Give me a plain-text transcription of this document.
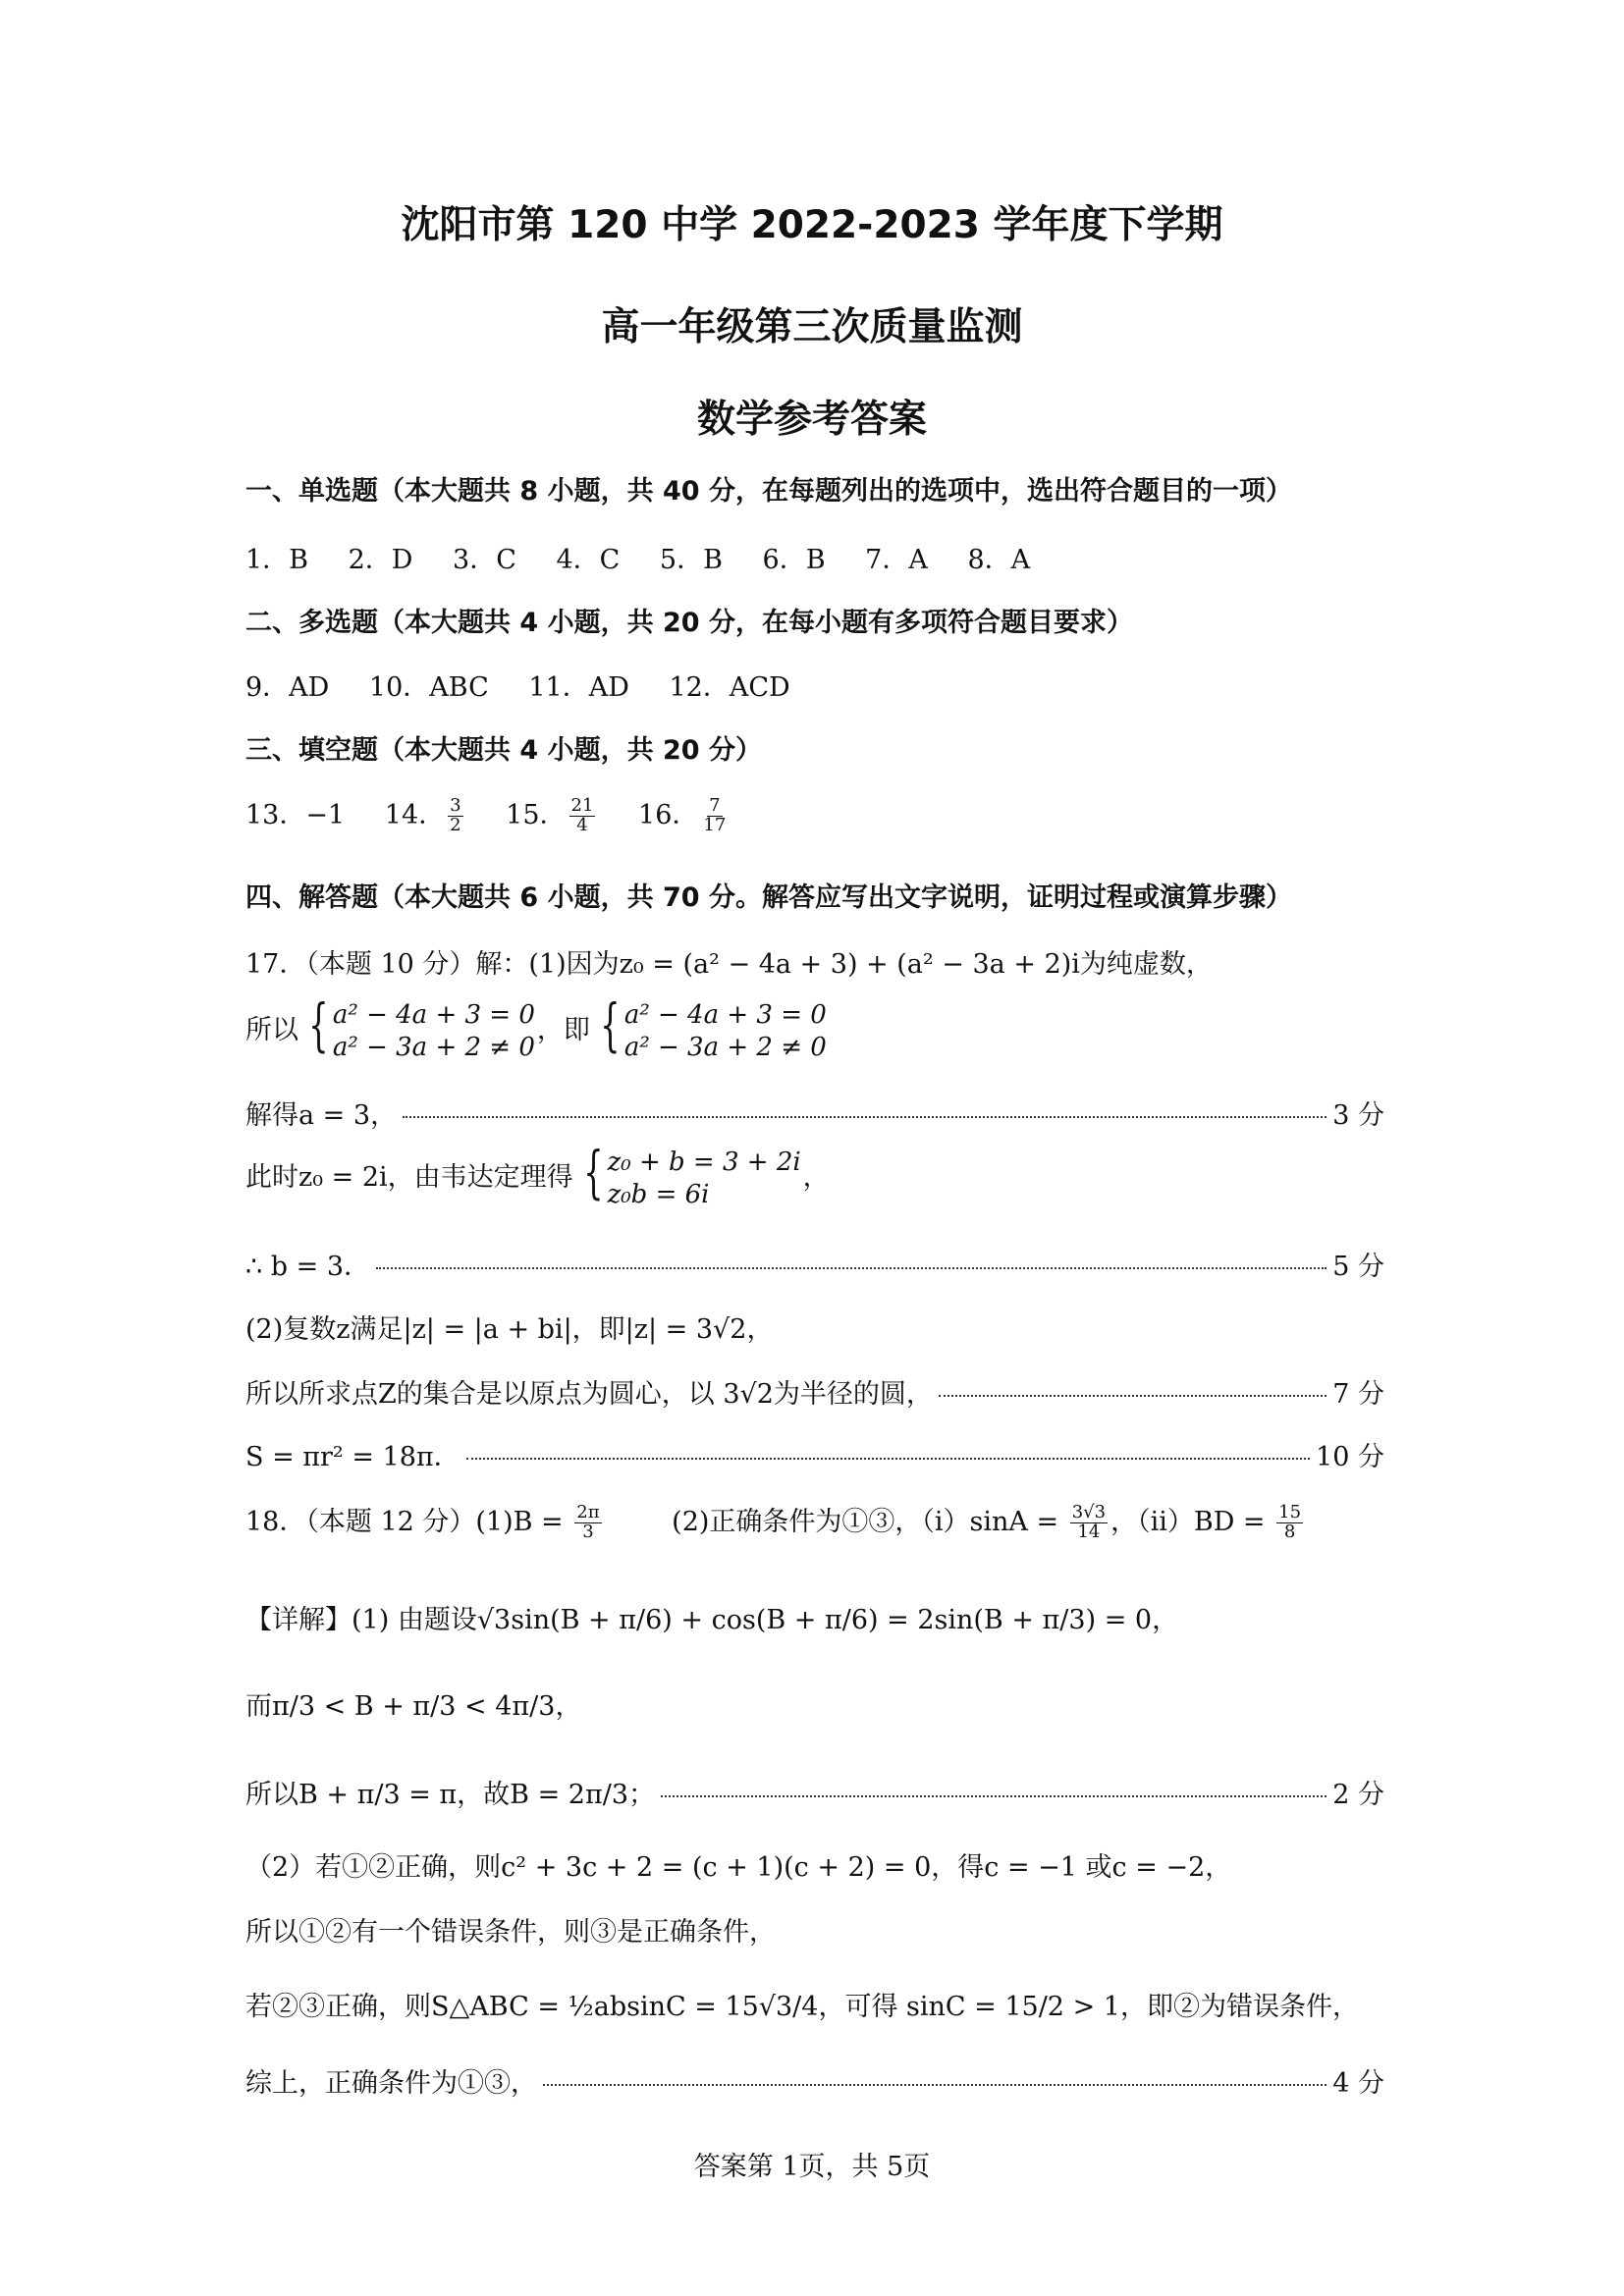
沈阳市第 120 中学 2022-2023 学年度下学期
高一年级第三次质量监测
数学参考答案
一、单选题（本大题共 8 小题，共 40 分，在每题列出的选项中，选出符合题目的一项）
1．B 2．D 3．C 4．C 5．B 6．B 7．A 8．A
二、多选题（本大题共 4 小题，共 20 分，在每小题有多项符合题目要求）
9．AD 10．ABC 11．AD 12．ACD
三、填空题（本大题共 4 小题，共 20 分）
13．−1 14． $\frac{3}{2} 15$． $\frac{21}{4} 16$． $\frac{7}{17}$
四、解答题（本大题共 6 小题，共 70 分。解答应写出文字说明，证明过程或演算步骤）
17．（本题 10 分）解：(1)因为z₀ = (a² − 4a + 3) + (a² − 3a + 2)i为纯虚数，
所以 { a² − 4a + 3 = 0
a² − 3a + 2 ≠ 0
，即 { a² − 4a + 3 = 0
a² − 3a + 2 ≠ 0
解得a = 3，	3 分
此时z₀ = 2i，由韦达定理得 { z₀ + b = 3 + 2i
z₀b = 6i
，
∴ b = 3．	5 分
(2)复数z满足|z| = |a + bi|，即|z| = 3√2，
所以所求点Z的集合是以原点为圆心，以 3√2为半径的圆，	7 分
S = πr² = 18π．	10 分
18．（本题 12 分）$(1)B = \frac{2\pi}{3}$	(2)正确条件为①③，$(i)\sin A = \frac{3√3}{14}$ ，$(ii)BD = \frac{15}{8}$
【详解】(1) 由题设√3sin(B + π/6) + cos(B + π/6) = 2sin(B + π/3) = 0，
而π/3 < B + π/3 < 4π/3，
所以B + π/3 = π，故B = 2π/3；	2 分
（2）若①②正确，则c² + 3c + 2 = (c + 1)(c + 2) = 0，得c = −1 或c = −2，
所以①②有一个错误条件，则③是正确条件，
若②③正确，则S△ABC = ½absinC = 15√3/4，可得 sinC = 15/2 > 1，即②为错误条件，
综上，正确条件为①③，	4 分
答案第 1页，共 5页
